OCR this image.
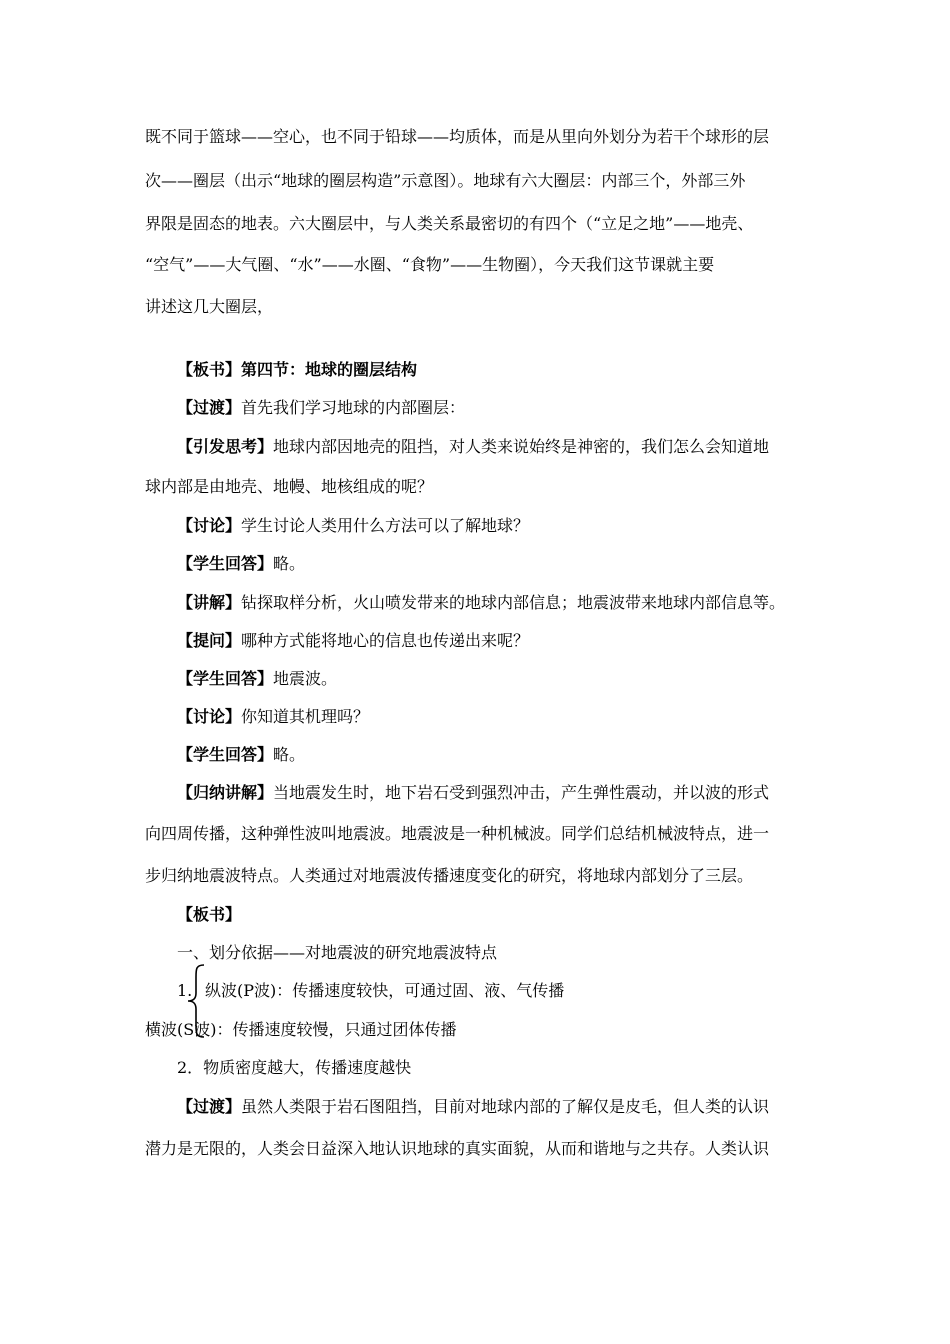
既不同于篮球——空心，也不同于铅球——均质体，而是从里向外划分为若干个球形的层
次——圈层（出示“地球的圈层构造”示意图）。地球有六大圈层：内部三个，外部三外
界限是固态的地表。六大圈层中，与人类关系最密切的有四个（“立足之地”——地壳、
“空气”——大气圈、“水”——水圈、“食物”——生物圈），今天我们这节课就主要
讲述这几大圈层，
【板书】第四节：地球的圈层结构
【过渡】首先我们学习地球的内部圈层：
【引发思考】地球内部因地壳的阻挡，对人类来说始终是神密的，我们怎么会知道地
球内部是由地壳、地幔、地核组成的呢？
【讨论】学生讨论人类用什么方法可以了解地球？
【学生回答】略。
【讲解】钻探取样分析，火山喷发带来的地球内部信息；地震波带来地球内部信息等。
【提问】哪种方式能将地心的信息也传递出来呢？
【学生回答】地震波。
【讨论】你知道其机理吗？
【学生回答】略。
【归纳讲解】当地震发生时，地下岩石受到强烈冲击，产生弹性震动，并以波的形式
向四周传播，这种弹性波叫地震波。地震波是一种机械波。同学们总结机械波特点，进一
步归纳地震波特点。人类通过对地震波传播速度变化的研究，将地球内部划分了三层。
【板书】
一、划分依据——对地震波的研究地震波特点
1. 纵波(P波)：传播速度较快，可通过固、液、气传播
横波(S波)：传播速度较慢，只通过团体传播
2．物质密度越大，传播速度越快
【过渡】虽然人类限于岩石图阻挡，目前对地球内部的了解仅是皮毛，但人类的认识
潜力是无限的，人类会日益深入地认识地球的真实面貌，从而和谐地与之共存。人类认识
